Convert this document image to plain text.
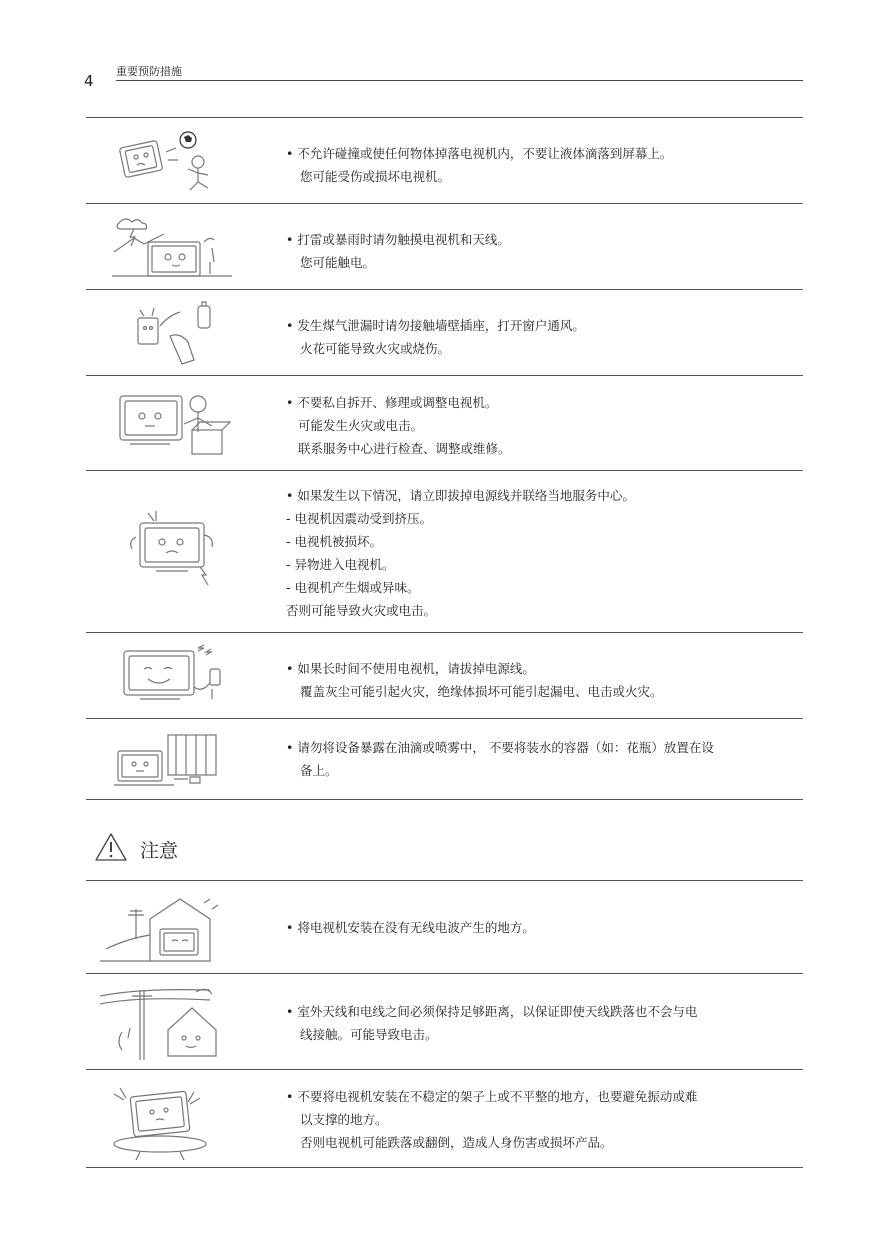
4
重要预防措施
• 不允许碰撞或使任何物体掉落电视机内，不要让液体滴落到屏幕上。
您可能受伤或损坏电视机。
• 打雷或暴雨时请勿触摸电视机和天线。
您可能触电。
• 发生煤气泄漏时请勿接触墙壁插座，打开窗户通风。
火花可能导致火灾或烧伤。
• 不要私自拆开、修理或调整电视机。
可能发生火灾或电击。
联系服务中心进行检查、调整或维修。
• 如果发生以下情况，请立即拔掉电源线并联络当地服务中心。
- 电视机因震动受到挤压。
- 电视机被损坏。
- 异物进入电视机。
- 电视机产生烟或异味。
否则可能导致火灾或电击。
• 如果长时间不使用电视机，请拔掉电源线。
覆盖灰尘可能引起火灾，绝缘体损坏可能引起漏电、电击或火灾。
• 请勿将设备暴露在油滴或喷雾中， 不要将装水的容器（如：花瓶）放置在设
备上。
注意
• 将电视机安装在没有无线电波产生的地方。
• 室外天线和电线之间必须保持足够距离，以保证即使天线跌落也不会与电
线接触。可能导致电击。
• 不要将电视机安装在不稳定的架子上或不平整的地方，也要避免振动或难
以支撑的地方。
否则电视机可能跌落或翻倒，造成人身伤害或损坏产品。
